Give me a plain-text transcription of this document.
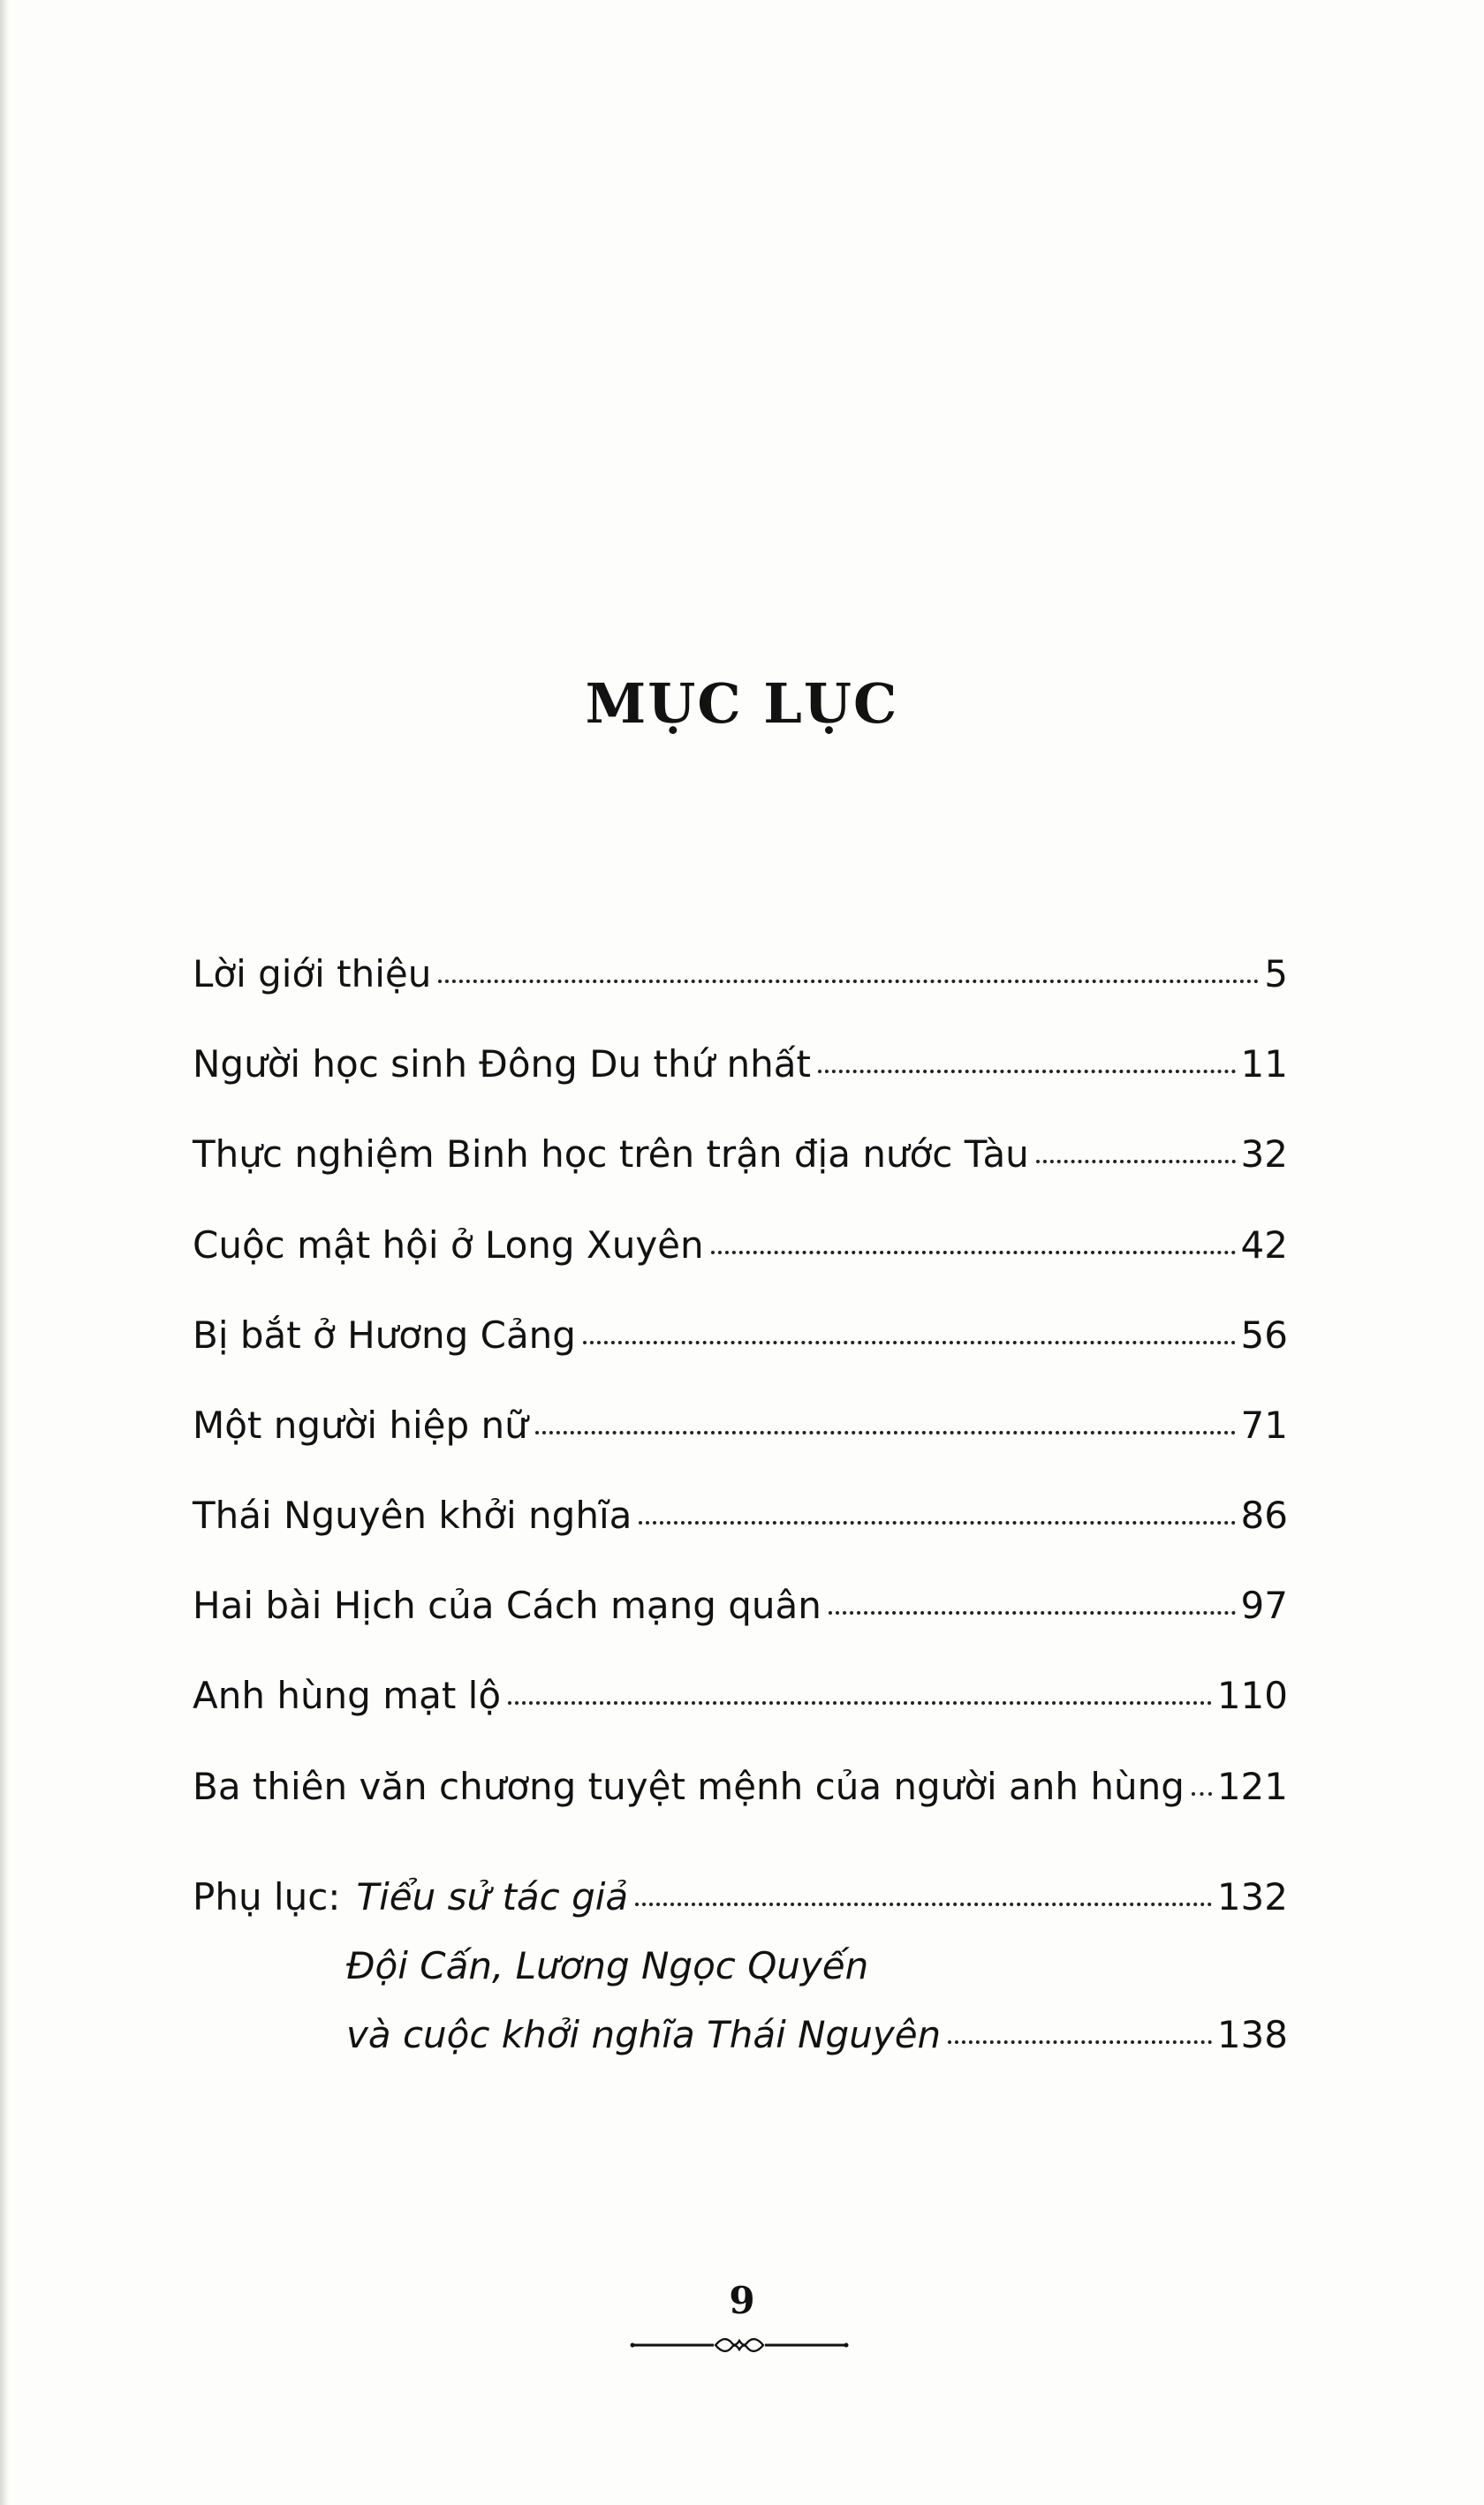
MỤC LỤC
Lời giới thiệu	5
Người học sinh Đông Du thứ nhất	11
Thực nghiệm Binh học trên trận địa nước Tàu	32
Cuộc mật hội ở Long Xuyên	42
Bị bắt ở Hương Cảng	56
Một người hiệp nữ	71
Thái Nguyên khởi nghĩa	86
Hai bài Hịch của Cách mạng quân	97
Anh hùng mạt lộ	110
Ba thiên văn chương tuyệt mệnh của người anh hùng 121
Phụ lục: Tiểu sử tác giả	132
Đội Cấn, Lương Ngọc Quyến
và cuộc khởi nghĩa Thái Nguyên	138
9
